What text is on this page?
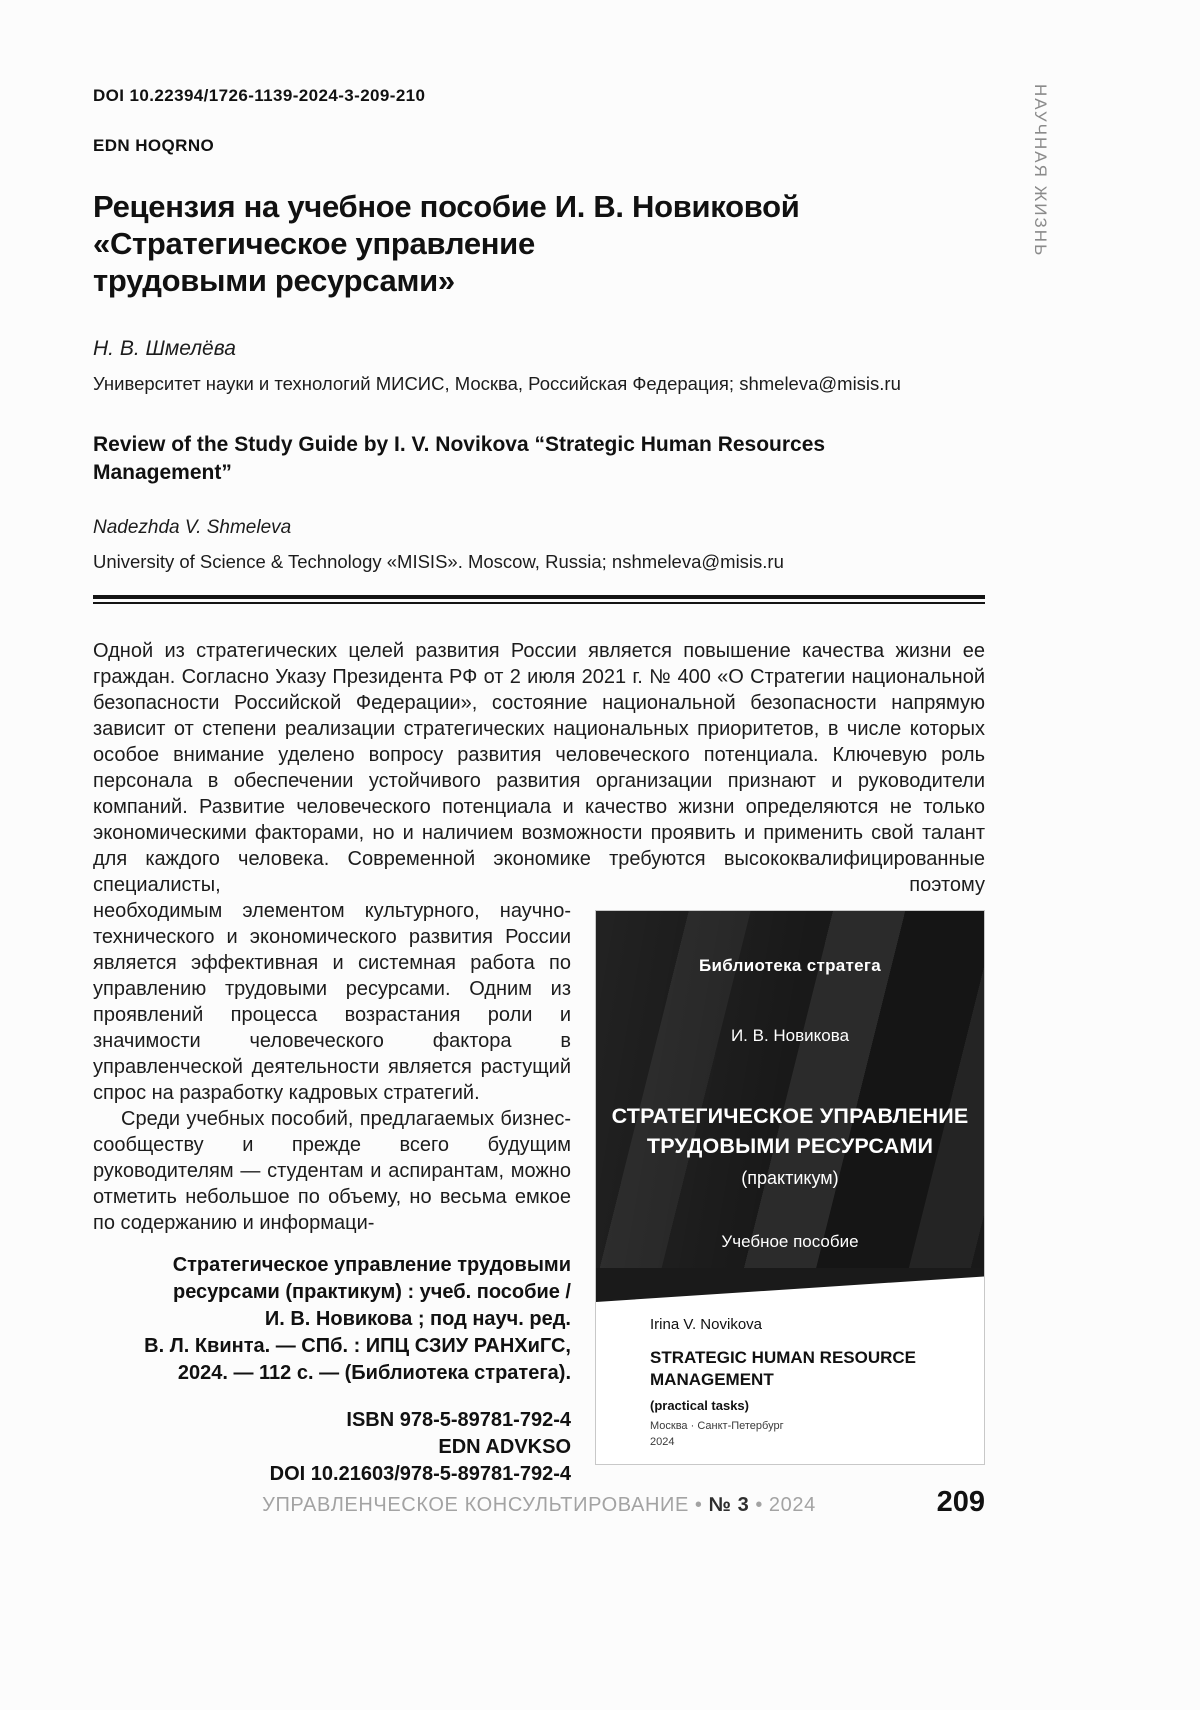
НАУЧНАЯ ЖИЗНЬ
DOI 10.22394/1726-1139-2024-3-209-210
EDN HOQRNO
Рецензия на учебное пособие И. В. Новиковой
«Стратегическое управление
трудовыми ресурсами»
Н. В. Шмелёва
Университет науки и технологий МИСИС, Москва, Российская Федерация; shmeleva@misis.ru
Review of the Study Guide by I. V. Novikova “Strategic Human Resources
Management”
Nadezhda V. Shmeleva
University of Science & Technology «MISIS». Moscow, Russia; nshmeleva@misis.ru

Одной из стратегических целей развития России является повышение качества жизни ее граждан. Согласно Указу Президента РФ от 2 июля 2021 г. № 400 «О Стратегии национальной безопасности Российской Федерации», состояние национальной безопасности напрямую зависит от степени реализации стратегических национальных приоритетов, в числе которых особое внимание уделено вопросу развития человеческого потенциала. Ключевую роль персонала в обеспечении устойчивого развития организации признают и руководители компаний. Развитие человеческого потенциала и качество жизни определяются не только экономическими факторами, но и наличием возможности проявить и применить свой талант для каждого человека. Современной экономике требуются высококвалифицированные специалисты, поэтому

Библиотека стратега
И. В. Новикова
СТРАТЕГИЧЕСКОЕ УПРАВЛЕНИЕ
ТРУДОВЫМИ РЕСУРСАМИ
(практикум)
Учебное пособие
Irina V. Novikova
STRATEGIC HUMAN RESOURCE
MANAGEMENT
(practical tasks)
Москва · Санкт-Петербург
2024

необходимым элементом культурного, научно-технического и экономического развития России является эффективная и системная работа по управлению трудовыми ресурсами. Одним из проявлений процесса возрастания роли и значимости человеческого фактора в управленческой деятельности является растущий спрос на разработку кадровых стратегий.

Среди учебных пособий, предлагаемых бизнес-сообществу и прежде всего будущим руководителям — студентам и аспирантам, можно отметить небольшое по объему, но весьма емкое по содержанию и информаци-

Стратегическое управление трудовыми
ресурсами (практикум) : учеб. пособие /
И. В. Новикова ; под науч. ред.
В. Л. Квинта. — СПб. : ИПЦ СЗИУ РАНХиГС,
2024. — 112 с. — (Библиотека стратега).
ISBN 978-5-89781-792-4
EDN ADVKSO
DOI 10.21603/978-5-89781-792-4
УПРАВЛЕНЧЕСКОЕ КОНСУЛЬТИРОВАНИЕ • № 3 • 2024	209
